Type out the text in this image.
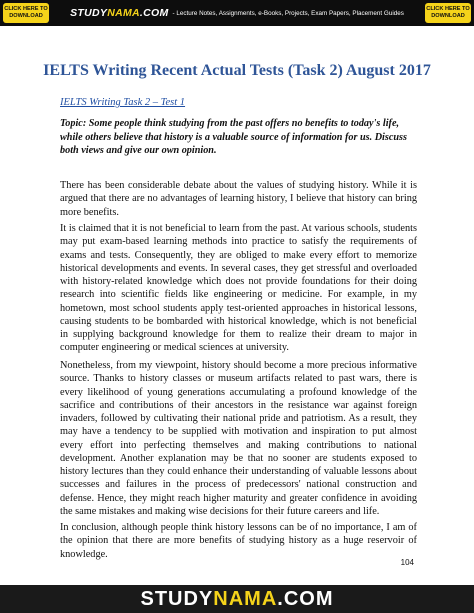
CLICK HERE TO
DOWNLOAD	STUDYNAMA.COM - Lecture Notes, Assignments, e-Books, Projects, Exam Papers, Placement Guides
CLICK HERE TO
DOWNLOAD
IELTS Writing Recent Actual Tests (Task 2) August 2017
IELTS Writing Task 2 – Test 1
Topic: Some people think studying from the past offers no benefits to today's life, while others believe that history is a valuable source of information for us. Discuss both views and give our own opinion.

There has been considerable debate about the values of studying history. While it is argued that there are no advantages of learning history, I believe that history can bring more benefits.

It is claimed that it is not beneficial to learn from the past. At various schools, students may put exam-based learning methods into practice to satisfy the requirements of exams and tests. Consequently, they are obliged to make every effort to memorize historical developments and events. In several cases, they get stressful and overloaded with history-related knowledge which does not provide foundations for their doing research into scientific fields like engineering or medicine. For example, in my hometown, most school students apply test-oriented approaches in historical lessons, causing students to be bombarded with historical knowledge, which is not beneficial in supplying background knowledge for them to realize their dream to major in computer engineering or medical sciences at university.

Nonetheless, from my viewpoint, history should become a more precious informative source. Thanks to history classes or museum artifacts related to past wars, there is every likelihood of young generations accumulating a profound knowledge of the sacrifice and contributions of their ancestors in the resistance war against foreign invaders, followed by cultivating their national pride and patriotism. As a result, they may have a tendency to be supplied with motivation and inspiration to put almost every effort into perfecting themselves and making contributions to national development. Another explanation may be that no sooner are students exposed to history lectures than they could enhance their understanding of valuable lessons about successes and failures in the process of predecessors' national construction and defense. Hence, they might reach higher maturity and greater confidence in avoiding the same mistakes and making wise decisions for their future careers and life.

In conclusion, although people think history lessons can be of no importance, I am of the opinion that there are more benefits of studying history as a huge reservoir of knowledge.

104
STUDYNAMA.COM
